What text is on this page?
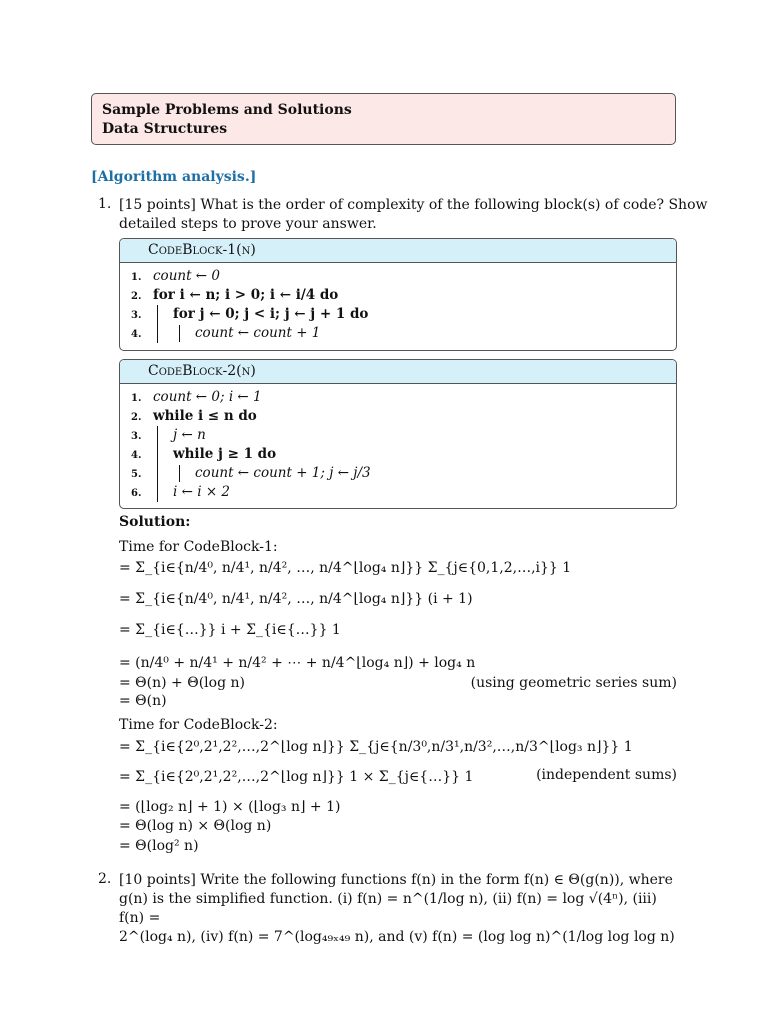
Sample Problems and Solutions
Data Structures
[Algorithm analysis.]
1. [15 points] What is the order of complexity of the following block(s) of code? Show
detailed steps to prove your answer.
CodeBlock-1(n)
1. count ← 0
2. for i ← n; i > 0; i ← i/4 do
3. for j ← 0; j < i; j ← j + 1 do
4.	count ← count + 1
CodeBlock-2(n)
1. count ← 0; i ← 1
2. while i ≤ n do
3. j ← n
4. while j ≥ 1 do
5.	count ← count + 1; j ← j/3
6. i ← i × 2
Solution:
Time for CodeBlock-1:
= Σ_{i∈{n/4⁰, n/4¹, n/4², …, n/4^⌊log₄ n⌋}} Σ_{j∈{0,1,2,…,i}} 1
= Σ_{i∈{n/4⁰, n/4¹, n/4², …, n/4^⌊log₄ n⌋}} (i + 1)
= Σ_{i∈{…}} i + Σ_{i∈{…}} 1
= (n/4⁰ + n/4¹ + n/4² + ⋯ + n/4^⌊log₄ n⌋) + log₄ n
= Θ(n) + Θ(log n)	(using geometric series sum)
= Θ(n)
Time for CodeBlock-2:
= Σ_{i∈{2⁰,2¹,2²,…,2^⌊log n⌋}} Σ_{j∈{n/3⁰,n/3¹,n/3²,…,n/3^⌊log₃ n⌋}} 1
= Σ_{i∈{2⁰,2¹,2²,…,2^⌊log n⌋}} 1 × Σ_{j∈{…}} 1	(independent sums)
= (⌊log₂ n⌋ + 1) × (⌊log₃ n⌋ + 1)
= Θ(log n) × Θ(log n)
= Θ(log² n)
2. [10 points] Write the following functions f(n) in the form f(n) ∈ Θ(g(n)), where
g(n) is the simplified function. (i) f(n) = n^(1/log n), (ii) f(n) = log √(4ⁿ), (iii) f(n) =
2^(log₄ n), (iv) f(n) = 7^(log₄₉ₓ₄₉ n), and (v) f(n) = (log log n)^(1/log log log n)
